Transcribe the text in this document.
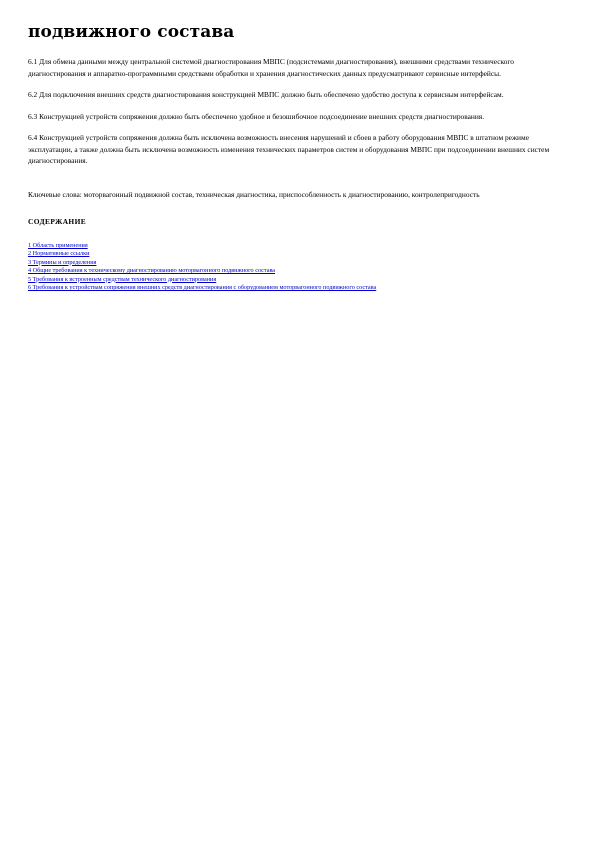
подвижного состава

6.1 Для обмена данными между центральной системой диагностирования МВПС (подсистемами диагностирования), внешними средствами технического диагностирования и аппаратно-программными средствами обработки и хранения диагностических данных предусматривают сервисные интерфейсы.

6.2 Для подключения внешних средств диагностирования конструкцией МВПС должно быть обеспечено удобство доступа к сервисным интерфейсам.

6.3 Конструкцией устройств сопряжения должно быть обеспечено удобное и безошибочное подсоединение внешних средств диагностирования.

6.4 Конструкцией устройств сопряжения должна быть исключена возможность внесения нарушений и сбоев в работу оборудования МВПС в штатном режиме эксплуатации, а также должна быть исключена возможность изменения технических параметров систем и оборудования МВПС при подсоединении внешних систем диагностирования.

Ключевые слова: моторвагонный подвижной состав, техническая диагностика, приспособленность к диагностированию, контролепригодность

СОДЕРЖАНИЕ
1 Область применения
2 Нормативные ссылки
3 Термины и определения
4 Общие требования к техническому диагностированию моторвагонного подвижного состава
5 Требования к встроенным средствам технического диагностирования
6 Требования к устройствам сопряжения внешних средств диагностирования с оборудованием моторвагонного подвижного состава
